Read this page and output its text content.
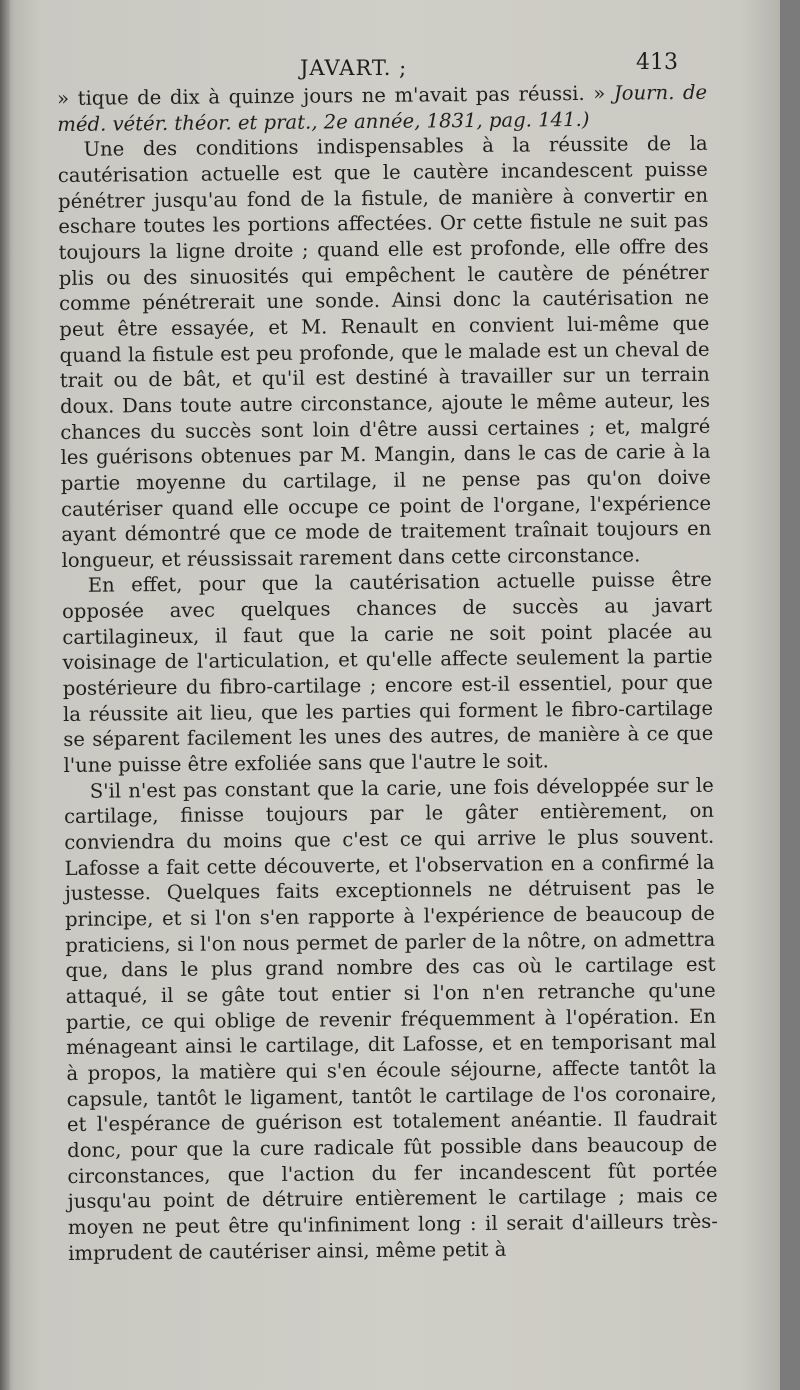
JAVART. ;	413

» tique de dix à quinze jours ne m'avait pas réussi. » Journ. de méd. vétér. théor. et prat., 2e année, 1831, pag. 141.)

Une des conditions indispensables à la réussite de la cautérisation actuelle est que le cautère incandescent puisse pénétrer jusqu'au fond de la fistule, de manière à convertir en eschare toutes les portions affectées. Or cette fistule ne suit pas toujours la ligne droite ; quand elle est profonde, elle offre des plis ou des sinuosités qui empêchent le cautère de pénétrer comme pénétrerait une sonde. Ainsi donc la cautérisation ne peut être essayée, et M. Renault en convient lui-même que quand la fistule est peu profonde, que le malade est un cheval de trait ou de bât, et qu'il est destiné à travailler sur un terrain doux. Dans toute autre circonstance, ajoute le même auteur, les chances du succès sont loin d'être aussi certaines ; et, malgré les guérisons obtenues par M. Mangin, dans le cas de carie à la partie moyenne du cartilage, il ne pense pas qu'on doive cautériser quand elle occupe ce point de l'organe, l'expérience ayant démontré que ce mode de traitement traînait toujours en longueur, et réussissait rarement dans cette circonstance.

En effet, pour que la cautérisation actuelle puisse être opposée avec quelques chances de succès au javart cartilagineux, il faut que la carie ne soit point placée au voisinage de l'articulation, et qu'elle affecte seulement la partie postérieure du fibro-cartilage ; encore est-il essentiel, pour que la réussite ait lieu, que les parties qui forment le fibro-cartilage se séparent facilement les unes des autres, de manière à ce que l'une puisse être exfoliée sans que l'autre le soit.

S'il n'est pas constant que la carie, une fois développée sur le cartilage, finisse toujours par le gâter entièrement, on conviendra du moins que c'est ce qui arrive le plus souvent. Lafosse a fait cette découverte, et l'observation en a confirmé la justesse. Quelques faits exceptionnels ne détruisent pas le principe, et si l'on s'en rapporte à l'expérience de beaucoup de praticiens, si l'on nous permet de parler de la nôtre, on admettra que, dans le plus grand nombre des cas où le cartilage est attaqué, il se gâte tout entier si l'on n'en retranche qu'une partie, ce qui oblige de revenir fréquemment à l'opération. En ménageant ainsi le cartilage, dit Lafosse, et en temporisant mal à propos, la matière qui s'en écoule séjourne, affecte tantôt la capsule, tantôt le ligament, tantôt le cartilage de l'os coronaire, et l'espérance de guérison est totalement anéantie. Il faudrait donc, pour que la cure radicale fût possible dans beaucoup de circonstances, que l'action du fer incandescent fût portée jusqu'au point de détruire entièrement le cartilage ; mais ce moyen ne peut être qu'infiniment long : il serait d'ailleurs très-imprudent de cautériser ainsi, même petit à
